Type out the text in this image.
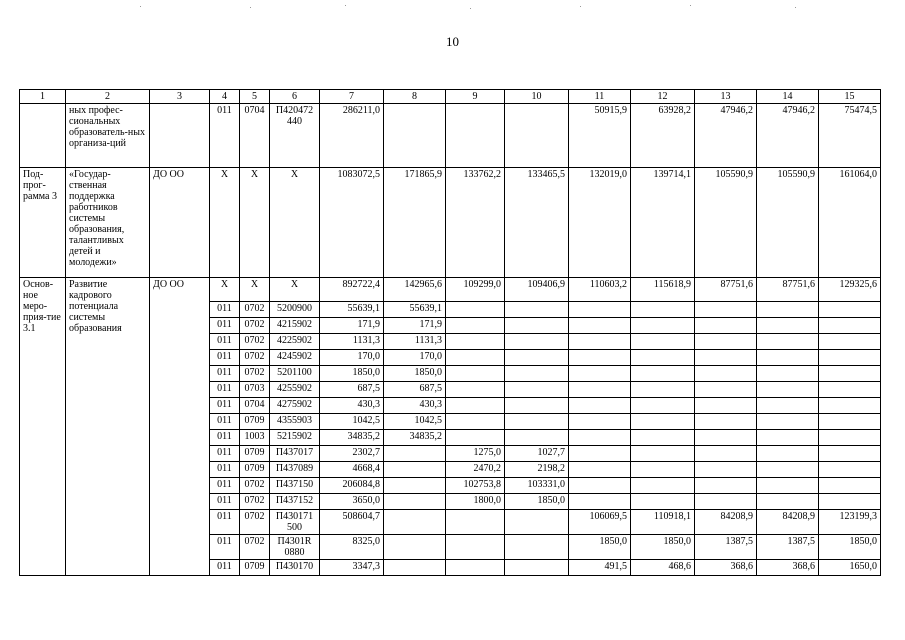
10
1	2	3	4	5	6	7	8	9	10	11	12	13	14	15
	ных профес-сиональных образователь-ных организа-ций		011	0704	П420472 440	286211,0				50915,9	63928,2	47946,2	47946,2	75474,5
Под-прог-рамма 3	«Государ-ственная поддержка работников системы образования, талантливых детей и молодежи»	ДО ОО	Х	Х	Х	1083072,5	171865,9	133762,2	133465,5	132019,0	139714,1	105590,9	105590,9	161064,0
Основ-ное меро-прия-тие 3.1	Развитие кадрового потенциала системы образования	ДО ОО	Х	Х	Х	892722,4	142965,6	109299,0	109406,9	110603,2	115618,9	87751,6	87751,6	129325,6
			011	0702	5200900	55639,1	55639,1							
			011	0702	4215902	171,9	171,9							
			011	0702	4225902	1131,3	1131,3							
			011	0702	4245902	170,0	170,0							
			011	0702	5201100	1850,0	1850,0							
			011	0703	4255902	687,5	687,5							
			011	0704	4275902	430,3	430,3							
			011	0709	4355903	1042,5	1042,5							
			011	1003	5215902	34835,2	34835,2							
			011	0709	П437017	2302,7		1275,0	1027,7					
			011	0709	П437089	4668,4		2470,2	2198,2					
			011	0702	П437150	206084,8		102753,8	103331,0					
			011	0702	П437152	3650,0		1800,0	1850,0					
			011	0702	П430171 500	508604,7				106069,5	110918,1	84208,9	84208,9	123199,3
			011	0702	П4301R 0880	8325,0				1850,0	1850,0	1387,5	1387,5	1850,0
			011	0709	П430170	3347,3				491,5	468,6	368,6	368,6	1650,0
